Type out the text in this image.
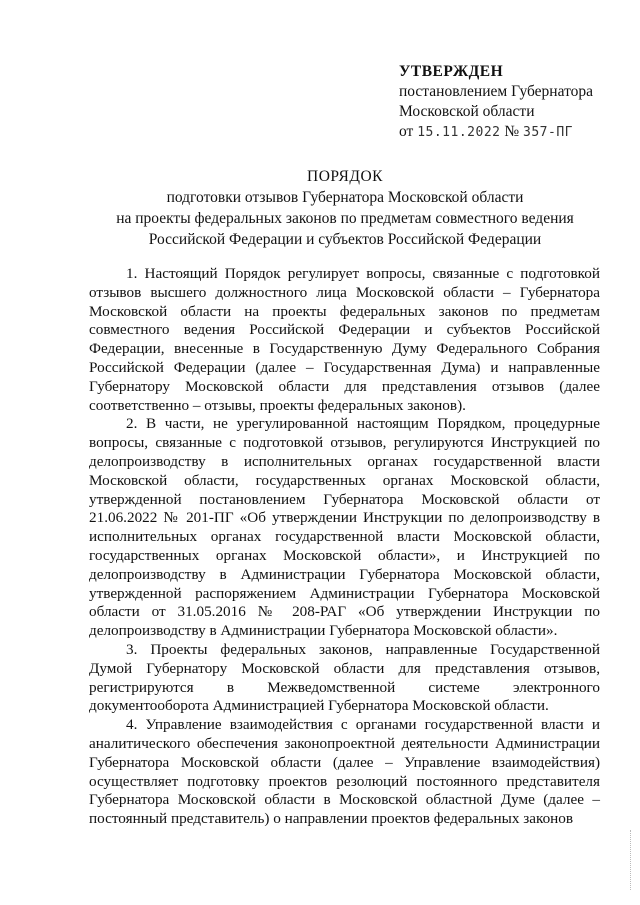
УТВЕРЖДЕН
постановлением Губернатора
Московской области
от 15.11.2022 № 357-ПГ
ПОРЯДОК
подготовки отзывов Губернатора Московской области
на проекты федеральных законов по предметам совместного ведения
Российской Федерации и субъектов Российской Федерации

1. Настоящий Порядок регулирует вопросы, связанные с подготовкой отзывов высшего должностного лица Московской области – Губернатора Московской области на проекты федеральных законов по предметам совместного ведения Российской Федерации и субъектов Российской Федерации, внесенные в Государственную Думу Федерального Собрания Российской Федерации (далее – Государственная Дума) и направленные Губернатору Московской области для представления отзывов (далее соответственно – отзывы, проекты федеральных законов).

2. В части, не урегулированной настоящим Порядком, процедурные вопросы, связанные с подготовкой отзывов, регулируются Инструкцией по делопроизводству в исполнительных органах государственной власти Московской области, государственных органах Московской области, утвержденной постановлением Губернатора Московской области от 21.06.2022 № 201-ПГ «Об утверждении Инструкции по делопроизводству в исполнительных органах государственной власти Московской области, государственных органах Московской области», и Инструкцией по делопроизводству в Администрации Губернатора Московской области, утвержденной распоряжением Администрации Губернатора Московской области от 31.05.2016 № 208-РАГ «Об утверждении Инструкции по делопроизводству в Администрации Губернатора Московской области».

3. Проекты федеральных законов, направленные Государственной Думой Губернатору Московской области для представления отзывов, регистрируются в Межведомственной системе электронного документооборота Администрацией Губернатора Московской области.

4. Управление взаимодействия с органами государственной власти и аналитического обеспечения законопроектной деятельности Администрации Губернатора Московской области (далее – Управление взаимодействия) осуществляет подготовку проектов резолюций постоянного представителя Губернатора Московской области в Московской областной Думе (далее – постоянный представитель) о направлении проектов федеральных законов
